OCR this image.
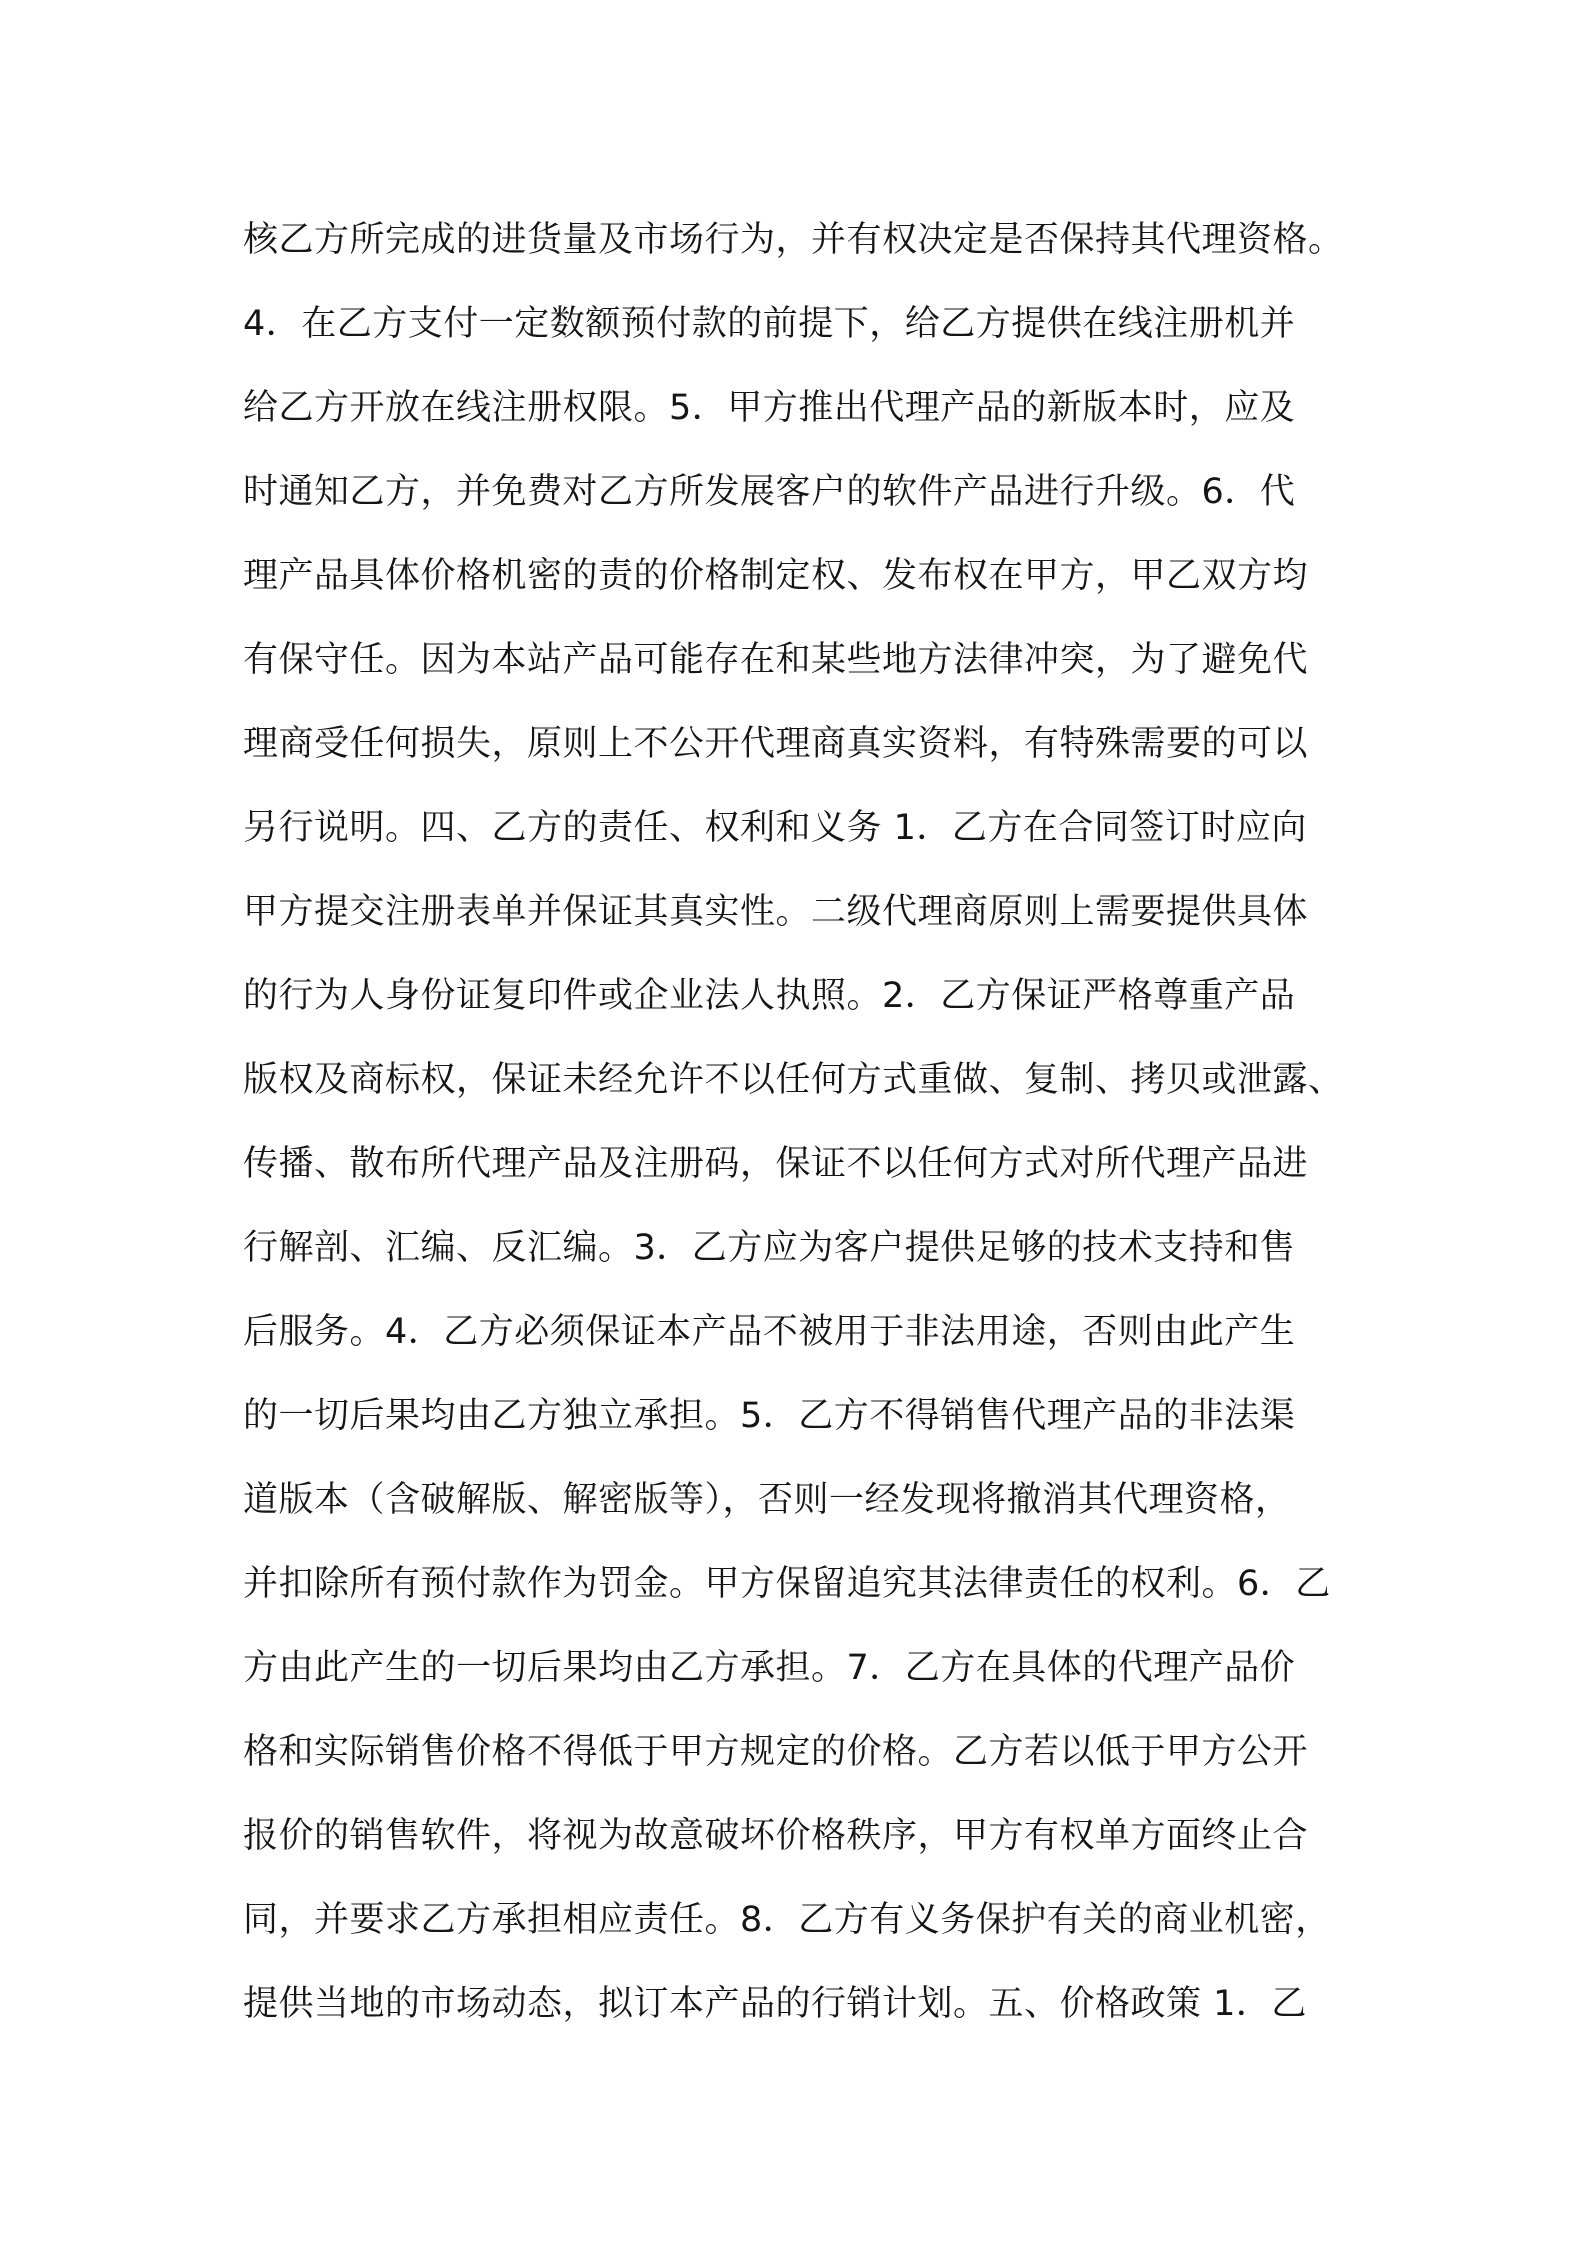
核乙方所完成的进货量及市场行为，并有权决定是否保持其代理资格。
4．在乙方支付一定数额预付款的前提下，给乙方提供在线注册机并
给乙方开放在线注册权限。5．甲方推出代理产品的新版本时，应及
时通知乙方，并免费对乙方所发展客户的软件产品进行升级。6．代
理产品具体价格机密的责的价格制定权、发布权在甲方，甲乙双方均
有保守任。因为本站产品可能存在和某些地方法律冲突，为了避免代
理商受任何损失，原则上不公开代理商真实资料，有特殊需要的可以
另行说明。四、乙方的责任、权利和义务 1．乙方在合同签订时应向
甲方提交注册表单并保证其真实性。二级代理商原则上需要提供具体
的行为人身份证复印件或企业法人执照。2．乙方保证严格尊重产品
版权及商标权，保证未经允许不以任何方式重做、复制、拷贝或泄露、
传播、散布所代理产品及注册码，保证不以任何方式对所代理产品进
行解剖、汇编、反汇编。3．乙方应为客户提供足够的技术支持和售
后服务。4．乙方必须保证本产品不被用于非法用途，否则由此产生
的一切后果均由乙方独立承担。5．乙方不得销售代理产品的非法渠
道版本（含破解版、解密版等），否则一经发现将撤消其代理资格，
并扣除所有预付款作为罚金。甲方保留追究其法律责任的权利。6．乙
方由此产生的一切后果均由乙方承担。7．乙方在具体的代理产品价
格和实际销售价格不得低于甲方规定的价格。乙方若以低于甲方公开
报价的销售软件，将视为故意破坏价格秩序，甲方有权单方面终止合
同，并要求乙方承担相应责任。8．乙方有义务保护有关的商业机密，
提供当地的市场动态，拟订本产品的行销计划。五、价格政策 1．乙
